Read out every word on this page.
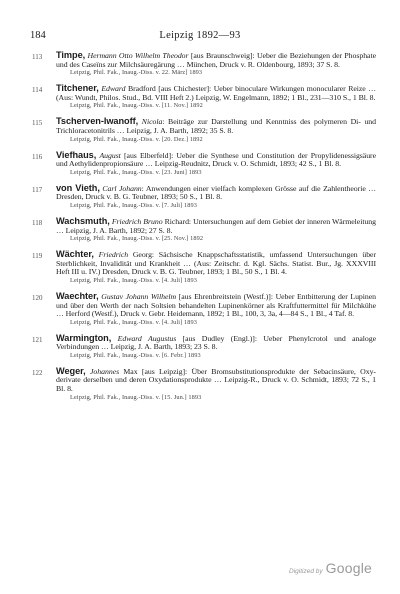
184	Leipzig 1892—93
113 Timpe, Hermann Otto Wilhelm Theodor [aus Braunschweig]: Ueber die Beziehungen der Phosphate und des Caseïns zur Milchsäuregärung … München, Druck v. R. Oldenbourg, 1893; 37 S. 8.
Leipzig, Phil. Fak., Inaug.-Diss. v. 22. März] 1893
114 Titchener, Edward Bradford [aus Chichester]: Ueber binoculare Wirkungen monocularer Reize … (Aus: Wundt, Philos. Stud., Bd. VIII Heft 2.) Leipzig, W. Engelmann, 1892; 1 Bl., 231—310 S., 1 Bl. 8.
Leipzig, Phil. Fak., Inaug.-Diss. v. [11. Nov.] 1892
115 Tscherven-Iwanoff, Nicola: Beiträge zur Darstellung und Kenntniss des polymeren Di- und Trichloracetonitrils … Leipzig, J. A. Barth, 1892; 35 S. 8.
Leipzig, Phil. Fak., Inaug.-Diss. v. [20. Dez.] 1892
116 Viefhaus, August [aus Elberfeld]: Ueber die Synthese und Constitution der Propylidenessigsäure und Aethylidenpropionsäure … Leipzig-Reudnitz, Druck v. O. Schmidt, 1893; 42 S., 1 Bl. 8.
Leipzig, Phil. Fak., Inaug.-Diss. v. [23. Juni] 1893
117 von Vieth, Carl Johann: Anwendungen einer vielfach komplexen Grösse auf die Zahlentheorie … Dresden, Druck v. B. G. Teubner, 1893; 50 S., 1 Bl. 8.
Leipzig, Phil. Fak., Inaug.-Diss. v. [7. Juli] 1893
118 Wachsmuth, Friedrich Bruno Richard: Untersuchungen auf dem Gebiet der inneren Wärmeleitung … Leipzig, J. A. Barth, 1892; 27 S. 8.
Leipzig, Phil. Fak., Inaug.-Diss. v. [25. Nov.] 1892
119 Wächter, Friedrich Georg: Sächsische Knappschaftsstatistik, umfassend Untersuchungen über Sterblichkeit, Invalidität und Krankheit … (Aus: Zeitschr. d. Kgl. Sächs. Statist. Bur., Jg. XXXVIII Heft III u. IV.) Dresden, Druck v. B. G. Teubner, 1893; 1 Bl., 50 S., 1 Bl. 4.
Leipzig, Phil. Fak., Inaug.-Diss. v. [4. Juli] 1893
120 Waechter, Gustav Johann Wilhelm [aus Ehrenbreitstein (Westf.)]: Ueber Entbitterung der Lupinen und über den Werth der nach Soltsien behandelten Lupinenkörner als Kraftfuttermittel für Milchkühe … Herford (Westf.), Druck v. Gebr. Heidemann, 1892; 1 Bl., 100, 3, 3a, 4—84 S., 1 Bl., 4 Taf. 8.
Leipzig, Phil. Fak., Inaug.-Diss. v. [4. Juli] 1893
121 Warmington, Edward Augustus [aus Dudley (Engl.)]: Ueber Phenylcrotol und analoge Verbindungen … Leipzig, J. A. Barth, 1893; 23 S. 8.
Leipzig, Phil. Fak., Inaug.-Diss. v. [6. Febr.] 1893
122 Weger, Johannes Max [aus Leipzig]: Über Bromsubstitutionsprodukte der Sebacinsäure, Oxy-derivate derselben und deren Oxydationsprodukte … Leipzig-R., Druck v. O. Schmidt, 1893; 72 S., 1 Bl. 8.
Leipzig, Phil. Fak., Inaug.-Diss. v. [15. Jun.] 1893
Digitized by Google
